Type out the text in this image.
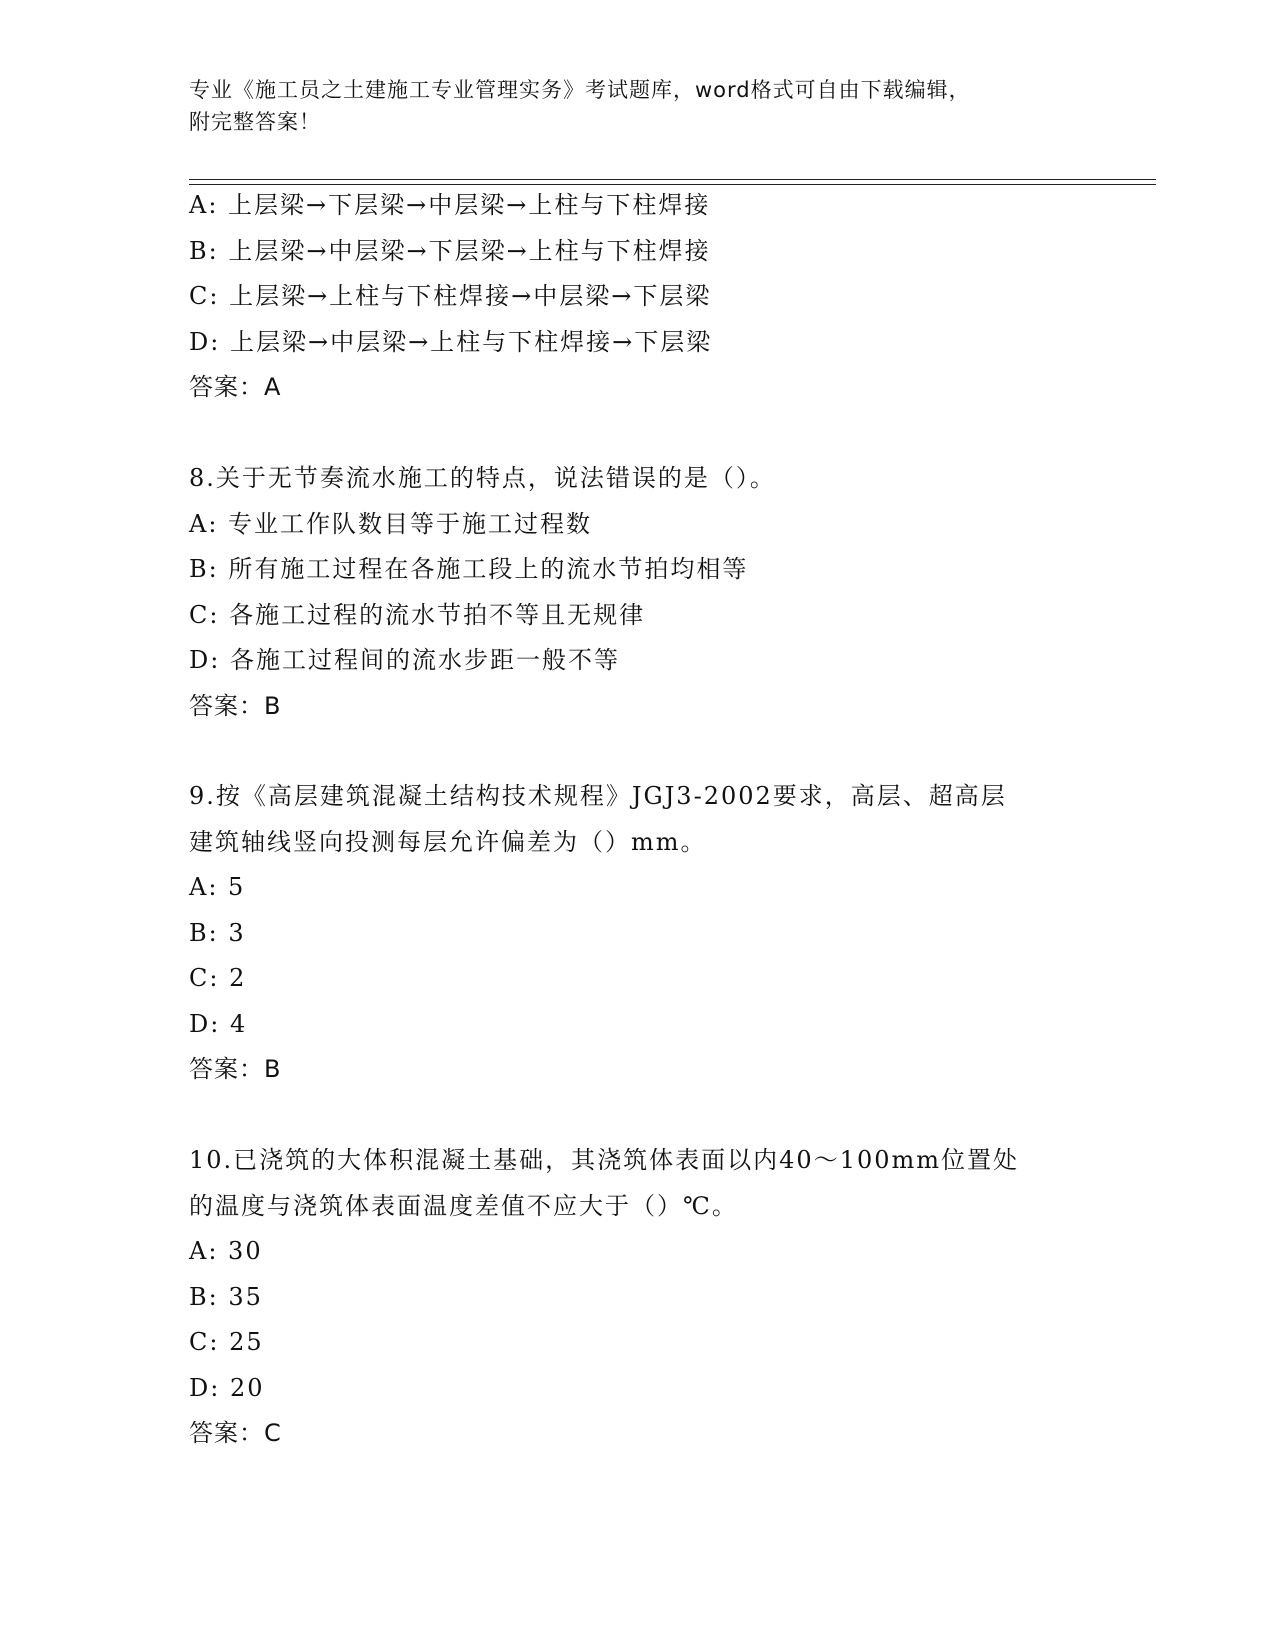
专业《施工员之土建施工专业管理实务》考试题库，word格式可自由下载编辑，
附完整答案！
A: 上层梁→下层梁→中层梁→上柱与下柱焊接
B: 上层梁→中层梁→下层梁→上柱与下柱焊接
C: 上层梁→上柱与下柱焊接→中层梁→下层梁
D: 上层梁→中层梁→上柱与下柱焊接→下层梁
答案：A
8.关于无节奏流水施工的特点，说法错误的是（）。
A: 专业工作队数目等于施工过程数
B: 所有施工过程在各施工段上的流水节拍均相等
C: 各施工过程的流水节拍不等且无规律
D: 各施工过程间的流水步距一般不等
答案：B
9.按《高层建筑混凝土结构技术规程》JGJ3-2002要求，高层、超高层
建筑轴线竖向投测每层允许偏差为（）mm。
A: 5
B: 3
C: 2
D: 4
答案：B
10.已浇筑的大体积混凝土基础，其浇筑体表面以内40～100mm位置处
的温度与浇筑体表面温度差值不应大于（）℃。
A: 30
B: 35
C: 25
D: 20
答案：C
